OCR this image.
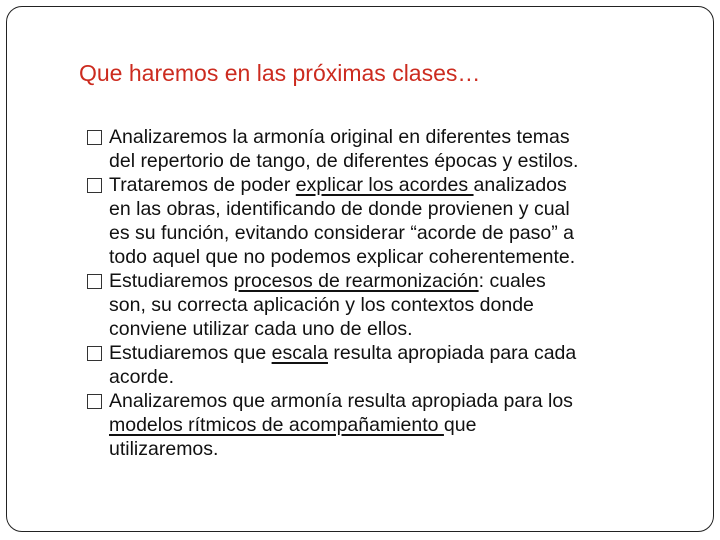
Que haremos en las próximas clases…
Analizaremos la armonía original en diferentes temas
del repertorio de tango, de diferentes épocas y estilos.
Trataremos de poder explicar los acordes analizados
en las obras, identificando de donde provienen y cual
es su función, evitando considerar “acorde de paso” a
todo aquel que no podemos explicar coherentemente.
Estudiaremos procesos de rearmonización: cuales
son, su correcta aplicación y los contextos donde
conviene utilizar cada uno de ellos.
Estudiaremos que escala resulta apropiada para cada
acorde.
Analizaremos que armonía resulta apropiada para los
modelos rítmicos de acompañamiento que
utilizaremos.
